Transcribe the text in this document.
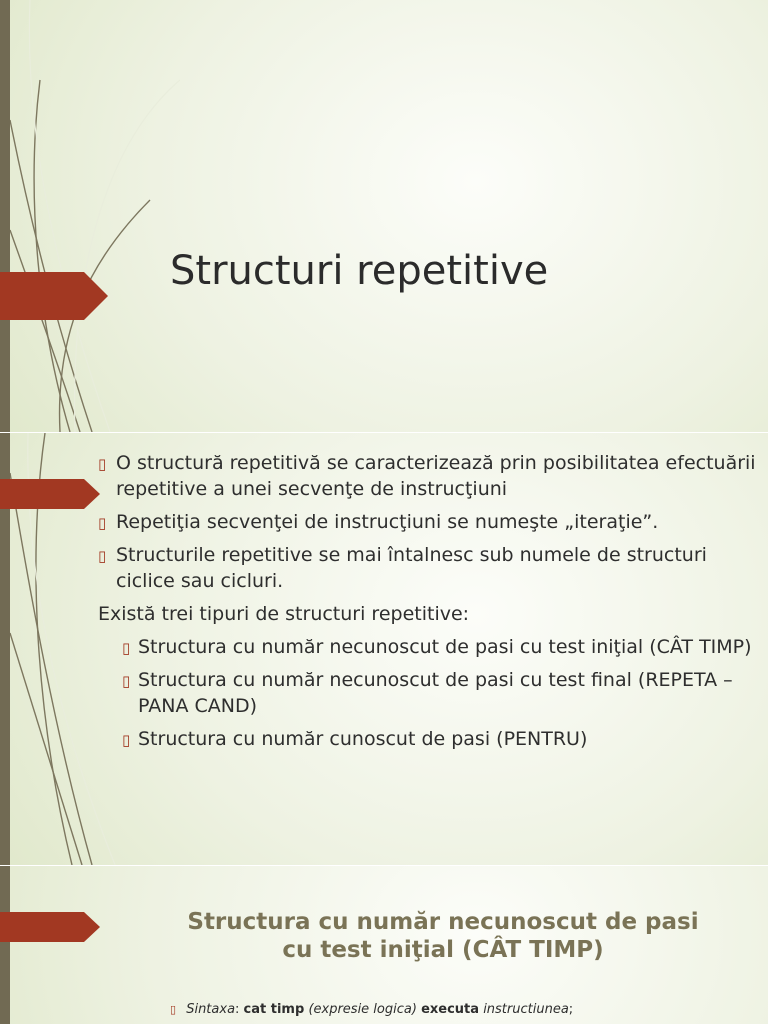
Structuri repetitive
▯ O structură repetitivă se caracterizează prin posibilitatea efectuării repetitive a unei secvenţe de instrucţiuni
▯ Repetiţia secvenţei de instrucţiuni se numeşte „iteraţie”.
▯ Structurile repetitive se mai întalnesc sub numele de structuri ciclice sau cicluri.
Există trei tipuri de structuri repetitive:
▯ Structura cu număr necunoscut de pasi cu test iniţial (CÂT TIMP)
▯ Structura cu număr necunoscut de pasi cu test final (REPETA –PANA CAND)
▯ Structura cu număr cunoscut de pasi (PENTRU)
Structura cu număr necunoscut de pasi cu test iniţial (CÂT TIMP)
▯ Sintaxa: cat timp (expresie logica) executa instructiunea;
